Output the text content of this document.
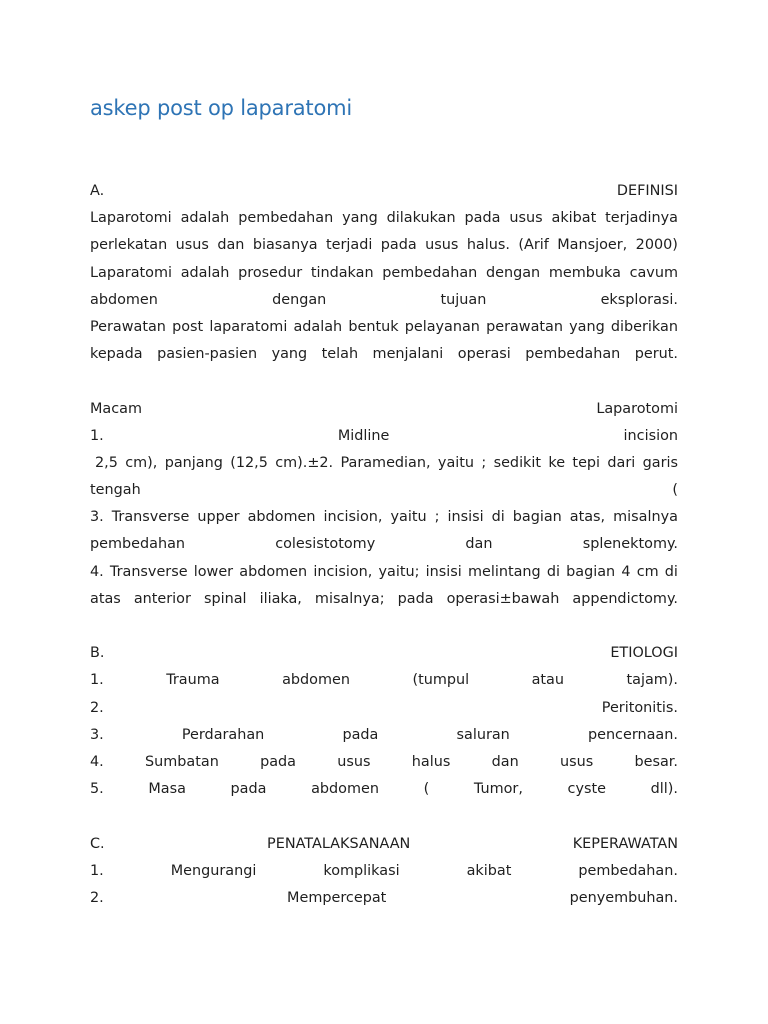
askep post op laparatomi
A.	DEFINISI
Laparotomi adalah pembedahan yang dilakukan pada usus akibat terjadinya
perlekatan usus dan biasanya terjadi pada usus halus. (Arif Mansjoer, 2000)
Laparatomi adalah prosedur tindakan pembedahan dengan membuka cavum
abdomen	dengan	tujuan	eksplorasi.
Perawatan post laparatomi adalah bentuk pelayanan perawatan yang diberikan
kepada pasien-pasien yang telah menjalani operasi pembedahan perut.
Macam	Laparotomi
1.	Midline	incision
2,5 cm), panjang (12,5 cm).±2. Paramedian, yaitu ; sedikit ke tepi dari garis
tengah	(
3. Transverse upper abdomen incision, yaitu ; insisi di bagian atas, misalnya
pembedahan	colesistotomy	dan	splenektomy.
4. Transverse lower abdomen incision, yaitu; insisi melintang di bagian 4 cm di
atas anterior spinal iliaka, misalnya; pada operasi±bawah appendictomy.
B.	ETIOLOGI
1.	Trauma	abdomen	(tumpul	atau	tajam).
2.	Peritonitis.
3.	Perdarahan	pada	saluran	pencernaan.
4.	Sumbatan	pada	usus	halus	dan	usus	besar.
5.	Masa	pada	abdomen	(	Tumor,	cyste	dll).
C.	PENATALAKSANAAN	KEPERAWATAN
1.	Mengurangi	komplikasi	akibat	pembedahan.
2.	Mempercepat	penyembuhan.
